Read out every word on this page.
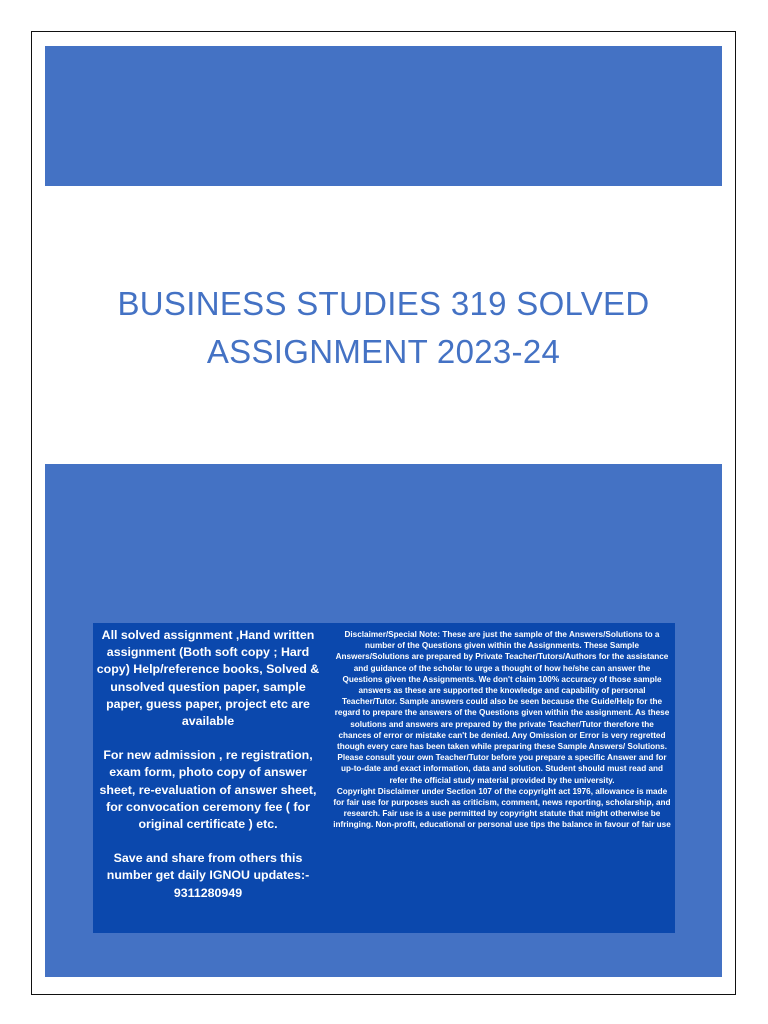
BUSINESS STUDIES 319 SOLVED
ASSIGNMENT 2023-24

All solved assignment ,Hand written assignment (Both soft copy ; Hard copy) Help/reference books, Solved & unsolved question paper, sample paper, guess paper, project etc are available

For new admission , re registration, exam form, photo copy of answer sheet, re-evaluation of answer sheet, for convocation ceremony fee ( for original certificate ) etc.

Save and share from others this number get daily IGNOU updates:- 9311280949

Disclaimer/Special Note: These are just the sample of the Answers/Solutions to a number of the Questions given within the Assignments. These Sample Answers/Solutions are prepared by Private Teacher/Tutors/Authors for the assistance and guidance of the scholar to urge a thought of how he/she can answer the Questions given the Assignments. We don't claim 100% accuracy of those sample answers as these are supported the knowledge and capability of personal Teacher/Tutor. Sample answers could also be seen because the Guide/Help for the regard to prepare the answers of the Questions given within the assignment. As these solutions and answers are prepared by the private Teacher/Tutor therefore the chances of error or mistake can't be denied. Any Omission or Error is very regretted though every care has been taken while preparing these Sample Answers/ Solutions. Please consult your own Teacher/Tutor before you prepare a specific Answer and for up-to-date and exact information, data and solution. Student should must read and refer the official study material provided by the university.

Copyright Disclaimer under Section 107 of the copyright act 1976, allowance is made for fair use for purposes such as criticism, comment, news reporting, scholarship, and research. Fair use is a use permitted by copyright statute that might otherwise be infringing. Non-profit, educational or personal use tips the balance in favour of fair use
